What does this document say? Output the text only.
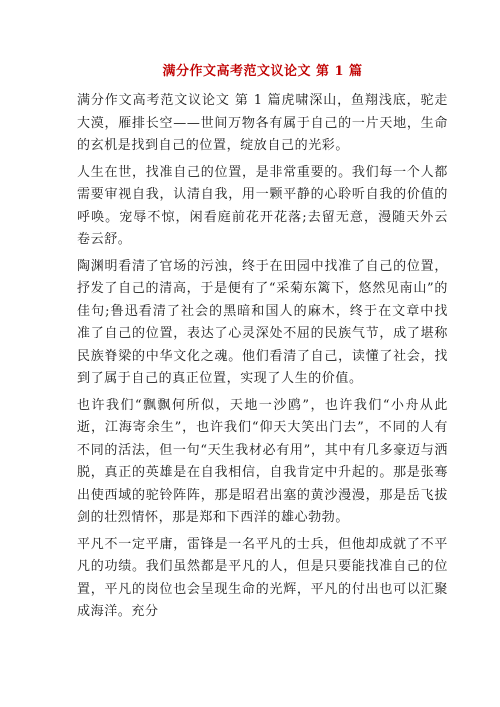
满分作文高考范文议论文 第 1 篇

满分作文高考范文议论文 第 1 篇虎啸深山，鱼翔浅底，驼走大漠，雁排长空——世间万物各有属于自己的一片天地，生命的玄机是找到自己的位置，绽放自己的光彩。

人生在世，找准自己的位置，是非常重要的。我们每一个人都需要审视自我，认清自我，用一颗平静的心聆听自我的价值的呼唤。宠辱不惊，闲看庭前花开花落;去留无意，漫随天外云卷云舒。

陶渊明看清了官场的污浊，终于在田园中找准了自己的位置，抒发了自己的清高，于是便有了“采菊东篱下，悠然见南山”的佳句;鲁迅看清了社会的黑暗和国人的麻木，终于在文章中找准了自己的位置，表达了心灵深处不屈的民族气节，成了堪称民族脊梁的中华文化之魂。他们看清了自己，读懂了社会，找到了属于自己的真正位置，实现了人生的价值。

也许我们“飘飘何所似，天地一沙鸥”，也许我们“小舟从此逝，江海寄余生”，也许我们“仰天大笑出门去”，不同的人有不同的活法，但一句“天生我材必有用”，其中有几多豪迈与洒脱，真正的英雄是在自我相信，自我肯定中升起的。那是张骞出使西域的驼铃阵阵，那是昭君出塞的黄沙漫漫，那是岳飞拔剑的壮烈情怀，那是郑和下西洋的雄心勃勃。

平凡不一定平庸，雷锋是一名平凡的士兵，但他却成就了不平凡的功绩。我们虽然都是平凡的人，但是只要能找准自己的位置，平凡的岗位也会呈现生命的光辉，平凡的付出也可以汇聚成海洋。充分
